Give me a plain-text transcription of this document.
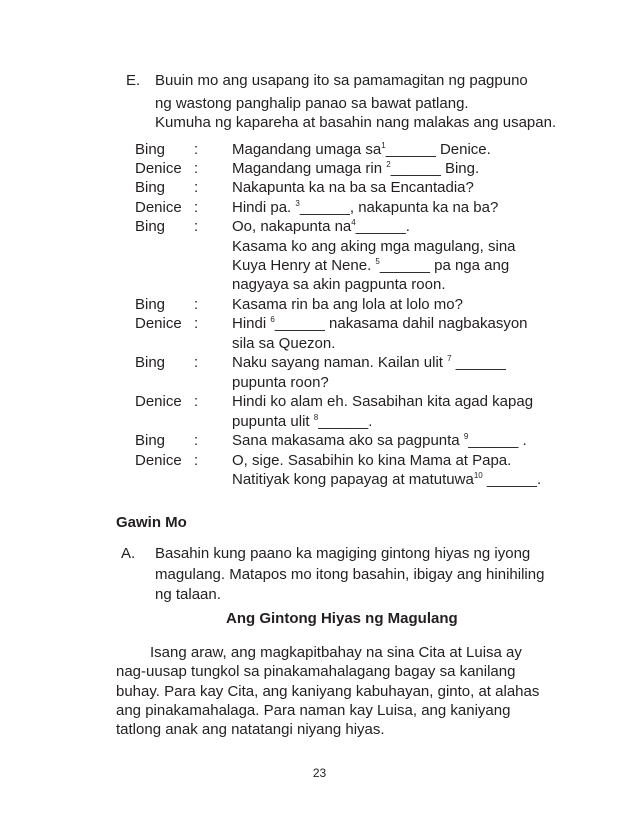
E. Buuin mo ang usapang ito sa pamamagitan ng pagpuno
ng wastong panghalip panao sa bawat patlang.
Kumuha ng kapareha at basahin nang malakas ang usapan.
Bing : Magandang umaga $sa^1\_\_\_\_\_\_$ Denice.
Denice : Magandang umaga rin $^2$______ Bing.
Bing : Nakapunta ka na ba sa Encantadia?
Denice : Hindi pa. $^3$______, nakapunta ka na ba?
Bing : Oo, nakapunta $na^4\_\_\_\_\_\_$.
Kasama ko ang aking mga magulang, sina
Kuya Henry at Nene. $^5$______ pa nga ang
nagyaya sa akin pagpunta roon.
Bing : Kasama rin ba ang lola at lolo mo?
Denice : Hindi $^6$______ nakasama dahil nagbakasyon
sila sa Quezon.
Bing : Naku sayang naman. Kailan ulit $^7$ ______
pupunta roon?
Denice : Hindi ko alam eh. Sasabihan kita agad kapag
pupunta ulit $^8$______.
Bing : Sana makasama ako sa pagpunta $^9$______ .
Denice : O, sige. Sasabihin ko kina Mama at Papa.
Natitiyak kong papayag at matutuwa$^{10}$ ______.
Gawin Mo
A. Basahin kung paano ka magiging gintong hiyas ng iyong
magulang. Matapos mo itong basahin, ibigay ang hinihiling
ng talaan.
Ang Gintong Hiyas ng Magulang
Isang araw, ang magkapitbahay na sina Cita at Luisa ay
nag-uusap tungkol sa pinakamahalagang bagay sa kanilang
buhay. Para kay Cita, ang kaniyang kabuhayan, ginto, at alahas
ang pinakamahalaga. Para naman kay Luisa, ang kaniyang
tatlong anak ang natatangi niyang hiyas.
23
